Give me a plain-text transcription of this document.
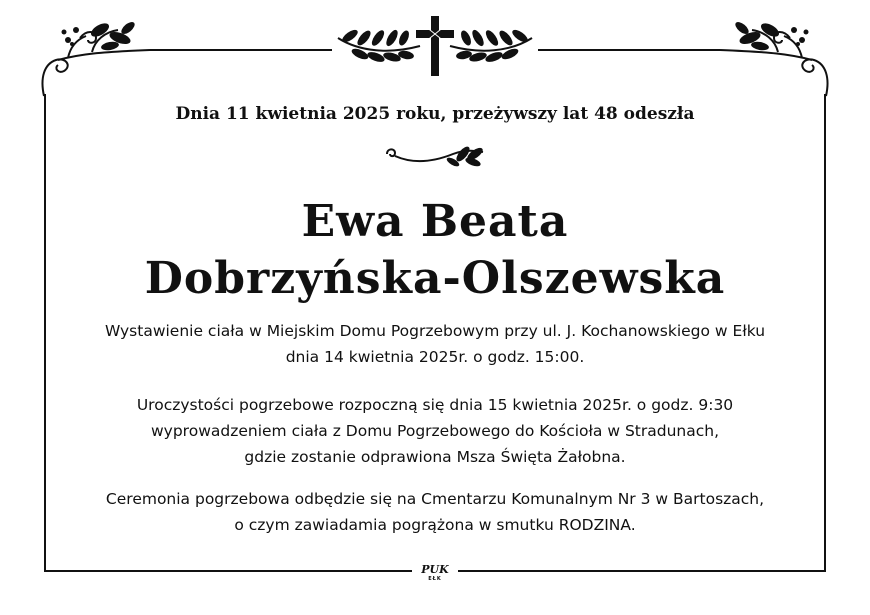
Dnia 11 kwietnia 2025 roku, przeżywszy lat 48 odeszła
Ewa Beata
Dobrzyńska-Olszewska
Wystawienie ciała w Miejskim Domu Pogrzebowym przy ul. J. Kochanowskiego w Ełku
dnia 14 kwietnia 2025r. o godz. 15:00.
Uroczystości pogrzebowe rozpoczną się dnia 15 kwietnia 2025r. o godz. 9:30
wyprowadzeniem ciała z Domu Pogrzebowego do Kościoła w Stradunach,
gdzie zostanie odprawiona Msza Święta Żałobna.
Ceremonia pogrzebowa odbędzie się na Cmentarzu Komunalnym Nr 3 w Bartoszach,
o czym zawiadamia pogrążona w smutku RODZINA.
PUK
EŁK
